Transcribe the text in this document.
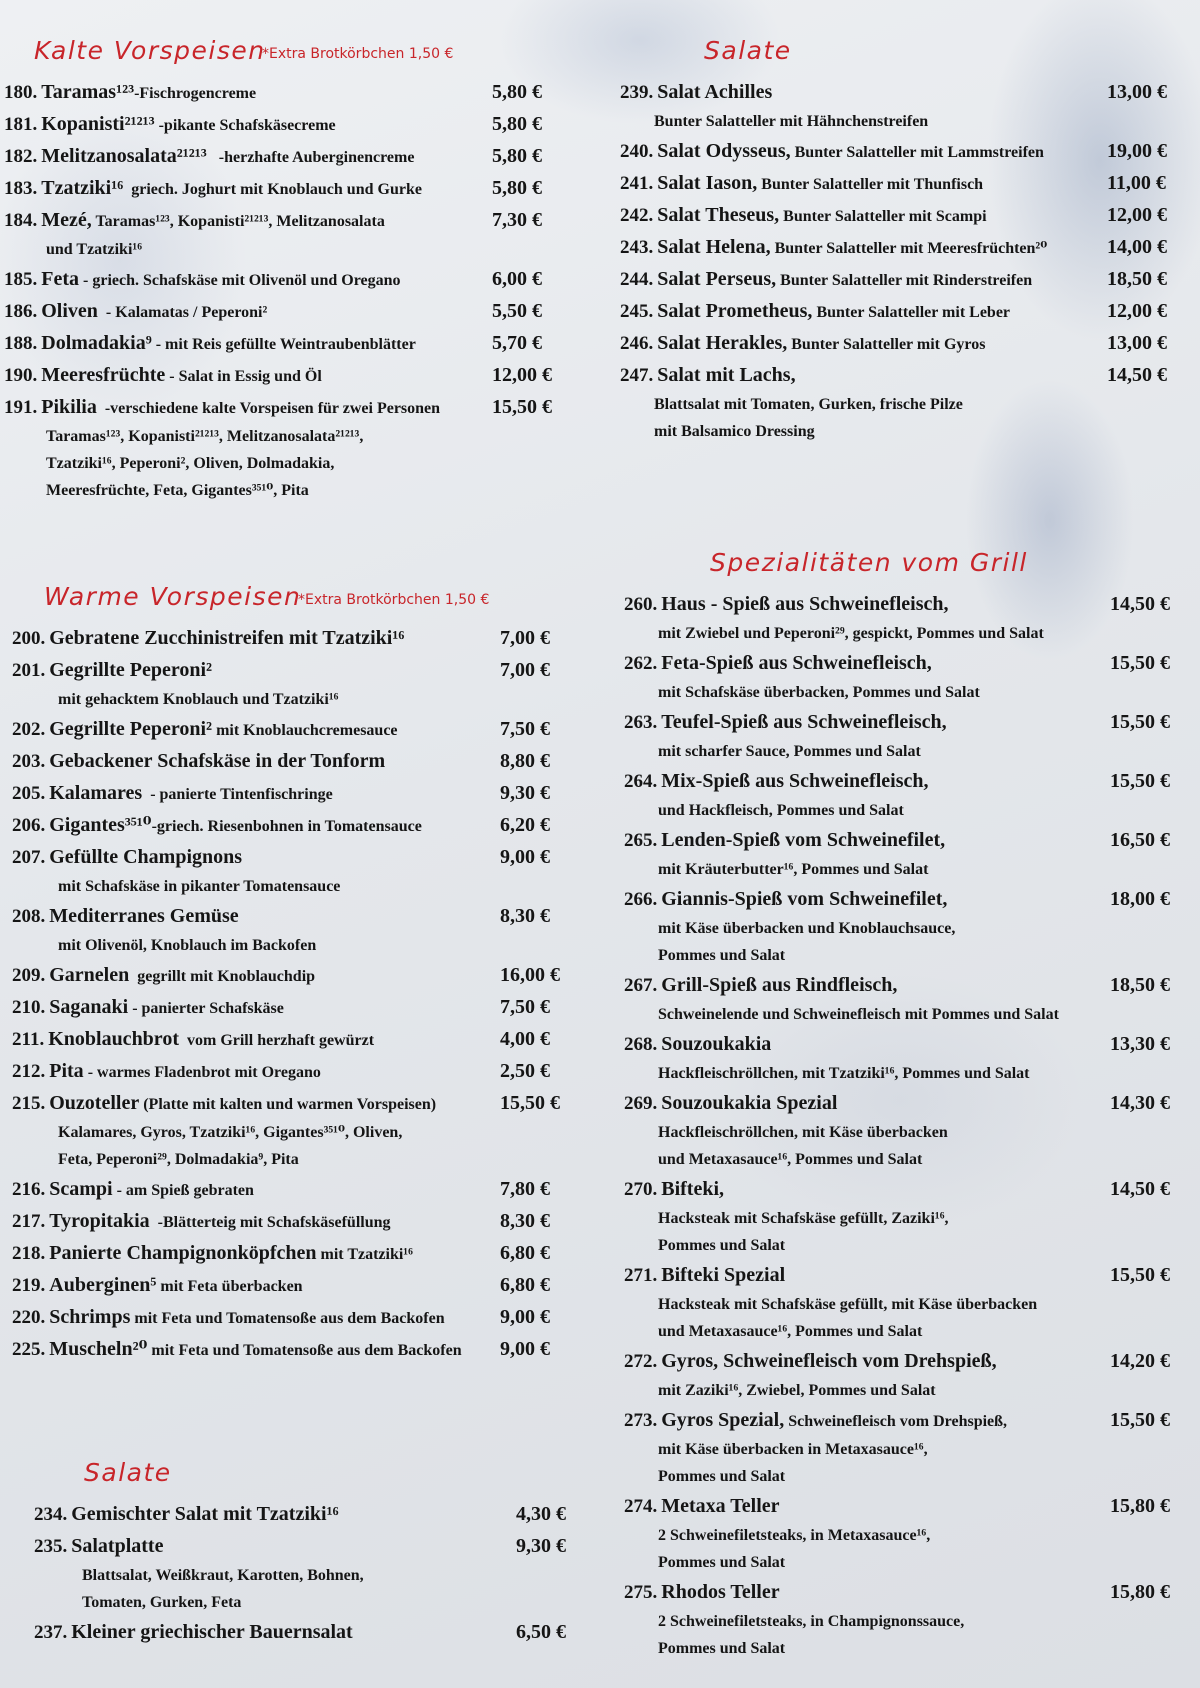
Kalte Vorspeisen
*Extra Brotkörbchen 1,50 €
180. Taramas¹²³-Fischrogencreme	5,80 €
181. Kopanisti²¹²¹³ -pikante Schafskäsecreme	5,80 €
182. Melitzanosalata²¹²¹³   -herzhafte Auberginencreme	5,80 €
183. Tzatziki¹⁶  griech. Joghurt mit Knoblauch und Gurke	5,80 €
184. Mezé, Taramas¹²³, Kopanisti²¹²¹³, Melitzanosalata	7,30 €
und Tzatziki¹⁶
185. Feta - griech. Schafskäse mit Olivenöl und Oregano	6,00 €
186. Oliven  - Kalamatas / Peperoni²	5,50 €
188. Dolmadakia⁹ - mit Reis gefüllte Weintraubenblätter	5,70 €
190. Meeresfrüchte - Salat in Essig und Öl	12,00 €
191. Pikilia  -verschiedene kalte Vorspeisen für zwei Personen	15,50 €
Taramas¹²³, Kopanisti²¹²¹³, Melitzanosalata²¹²¹³,
Tzatziki¹⁶, Peperoni², Oliven, Dolmadakia,
Meeresfrüchte, Feta, Gigantes³⁵¹⁰, Pita
Warme Vorspeisen
*Extra Brotkörbchen 1,50 €
200. Gebratene Zucchinistreifen mit Tzatziki¹⁶	7,00 €
201. Gegrillte Peperoni²	7,00 €
mit gehacktem Knoblauch und Tzatziki¹⁶
202. Gegrillte Peperoni² mit Knoblauchcremesauce	7,50 €
203. Gebackener Schafskäse in der Tonform	8,80 €
205. Kalamares  - panierte Tintenfischringe	9,30 €
206. Gigantes³⁵¹⁰-griech. Riesenbohnen in Tomatensauce	6,20 €
207. Gefüllte Champignons	9,00 €
mit Schafskäse in pikanter Tomatensauce
208. Mediterranes Gemüse	8,30 €
mit Olivenöl, Knoblauch im Backofen
209. Garnelen  gegrillt mit Knoblauchdip	16,00 €
210. Saganaki - panierter Schafskäse	7,50 €
211. Knoblauchbrot  vom Grill herzhaft gewürzt	4,00 €
212. Pita - warmes Fladenbrot mit Oregano	2,50 €
215. Ouzoteller (Platte mit kalten und warmen Vorspeisen)	15,50 €
Kalamares, Gyros, Tzatziki¹⁶, Gigantes³⁵¹⁰, Oliven,
Feta, Peperoni²⁹, Dolmadakia⁹, Pita
216. Scampi - am Spieß gebraten	7,80 €
217. Tyropitakia  -Blätterteig mit Schafskäsefüllung	8,30 €
218. Panierte Champignonköpfchen mit Tzatziki¹⁶	6,80 €
219. Auberginen⁵ mit Feta überbacken	6,80 €
220. Schrimps mit Feta und Tomatensoße aus dem Backofen	9,00 €
225. Muscheln²⁰ mit Feta und Tomatensoße aus dem Backofen 9,00 €
Salate
234. Gemischter Salat mit Tzatziki¹⁶	4,30 €
235. Salatplatte	9,30 €
Blattsalat, Weißkraut, Karotten, Bohnen,
Tomaten, Gurken, Feta
237. Kleiner griechischer Bauernsalat	6,50 €
Salate
239. Salat Achilles	13,00 €
Bunter Salatteller mit Hähnchenstreifen
240. Salat Odysseus, Bunter Salatteller mit Lammstreifen	19,00 €
241. Salat Iason, Bunter Salatteller mit Thunfisch	11,00 €
242. Salat Theseus, Bunter Salatteller mit Scampi	12,00 €
243. Salat Helena, Bunter Salatteller mit Meeresfrüchten²⁰	14,00 €
244. Salat Perseus, Bunter Salatteller mit Rinderstreifen	18,50 €
245. Salat Prometheus, Bunter Salatteller mit Leber	12,00 €
246. Salat Herakles, Bunter Salatteller mit Gyros	13,00 €
247. Salat mit Lachs,	14,50 €
Blattsalat mit Tomaten, Gurken, frische Pilze
mit Balsamico Dressing
Spezialitäten vom Grill
260. Haus - Spieß aus Schweinefleisch,	14,50 €
mit Zwiebel und Peperoni²⁹, gespickt, Pommes und Salat
262. Feta-Spieß aus Schweinefleisch,	15,50 €
mit Schafskäse überbacken, Pommes und Salat
263. Teufel-Spieß aus Schweinefleisch,	15,50 €
mit scharfer Sauce, Pommes und Salat
264. Mix-Spieß aus Schweinefleisch,	15,50 €
und Hackfleisch, Pommes und Salat
265. Lenden-Spieß vom Schweinefilet,	16,50 €
mit Kräuterbutter¹⁶, Pommes und Salat
266. Giannis-Spieß vom Schweinefilet,	18,00 €
mit Käse überbacken und Knoblauchsauce,
Pommes und Salat
267. Grill-Spieß aus Rindfleisch,	18,50 €
Schweinelende und Schweinefleisch mit Pommes und Salat
268. Souzoukakia	13,30 €
Hackfleischröllchen, mit Tzatziki¹⁶, Pommes und Salat
269. Souzoukakia Spezial	14,30 €
Hackfleischröllchen, mit Käse überbacken
und Metaxasauce¹⁶, Pommes und Salat
270. Bifteki,	14,50 €
Hacksteak mit Schafskäse gefüllt, Zaziki¹⁶,
Pommes und Salat
271. Bifteki Spezial	15,50 €
Hacksteak mit Schafskäse gefüllt, mit Käse überbacken
und Metaxasauce¹⁶, Pommes und Salat
272. Gyros, Schweinefleisch vom Drehspieß,	14,20 €
mit Zaziki¹⁶, Zwiebel, Pommes und Salat
273. Gyros Spezial, Schweinefleisch vom Drehspieß,	15,50 €
mit Käse überbacken in Metaxasauce¹⁶,
Pommes und Salat
274. Metaxa Teller	15,80 €
2 Schweinefiletsteaks, in Metaxasauce¹⁶,
Pommes und Salat
275. Rhodos Teller	15,80 €
2 Schweinefiletsteaks, in Champignonssauce,
Pommes und Salat
